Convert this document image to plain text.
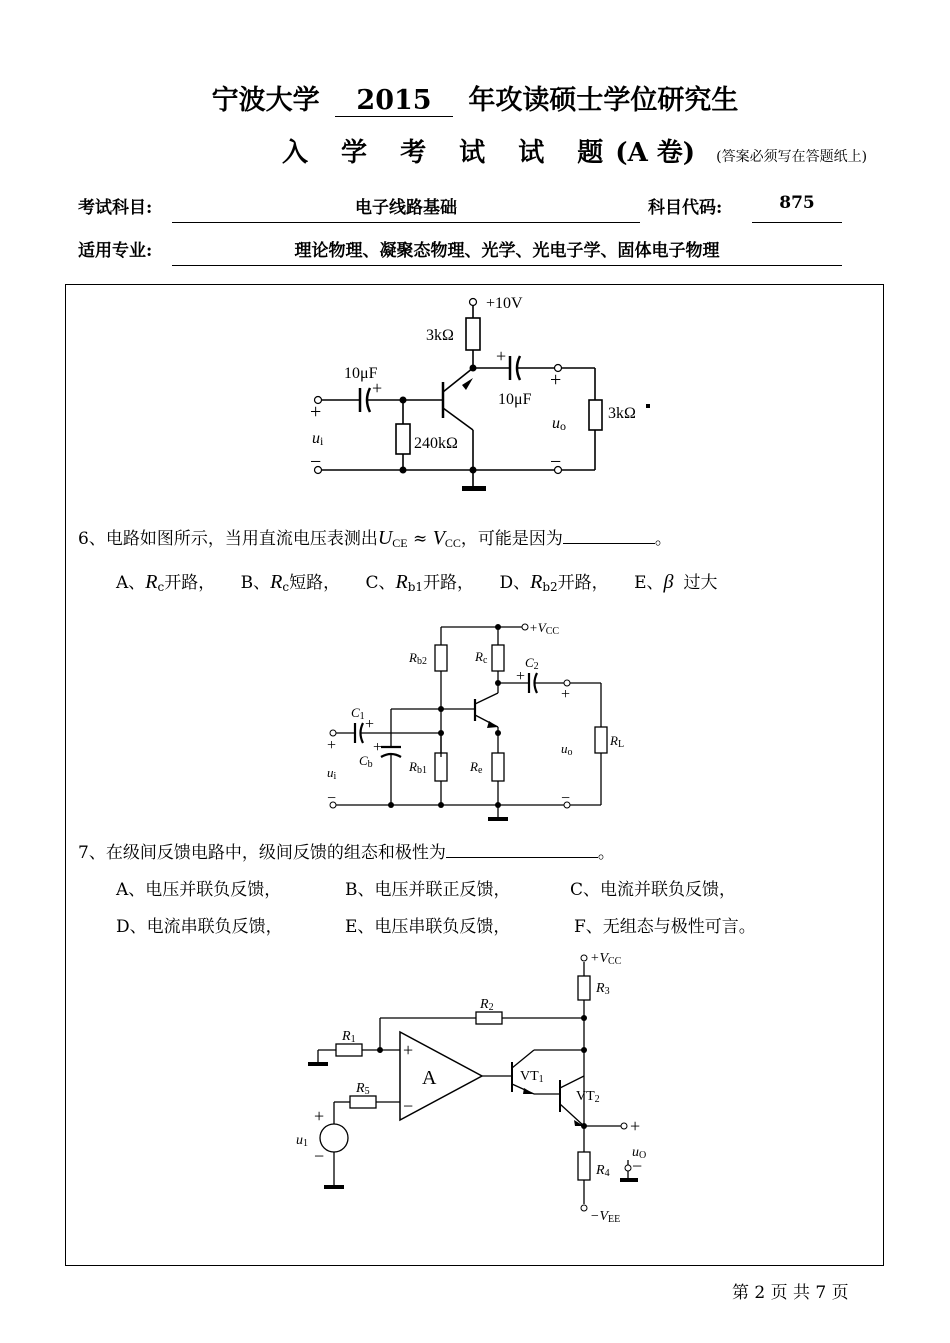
宁波大学 2015 年攻读硕士学位研究生
入 学 考 试 试 题(A 卷) (答案必须写在答题纸上)
考试科目:	电子线路基础	科目代码:	875
适用专业:	理论物理、凝聚态物理、光学、光电子学、固体电子物理
+10V
3kΩ
10μF
+
+
10μF
240kΩ
3kΩ
+
−
+
−
ui
uo
6、电路如图所示，当用直流电压表测出$U_{CE} \approx V_{CC}$，可能是因为	。
A、$R_c$开路， B、$R_c$短路， C、$R_{b1}$开路， D、$R_{b2}$开路， E、β 过大
+VCC
Rb2	Rc	C2
+
C1 +
+
Cb	Rb1	Re
RL
+
−
+
−
ui
uo
7、在级间反馈电路中，级间反馈的组态和极性为	。
A、电压并联负反馈，	B、电压并联正反馈，	C、电流并联负反馈，
D、电流串联负反馈，	E、电压串联负反馈，	F、无组态与极性可言。
+VCC
R3
R2
R1
R5
R4
A
+
−
VT1
VT2
+
−
u1
+
uO
−
−VEE
第 2 页 共 7 页
